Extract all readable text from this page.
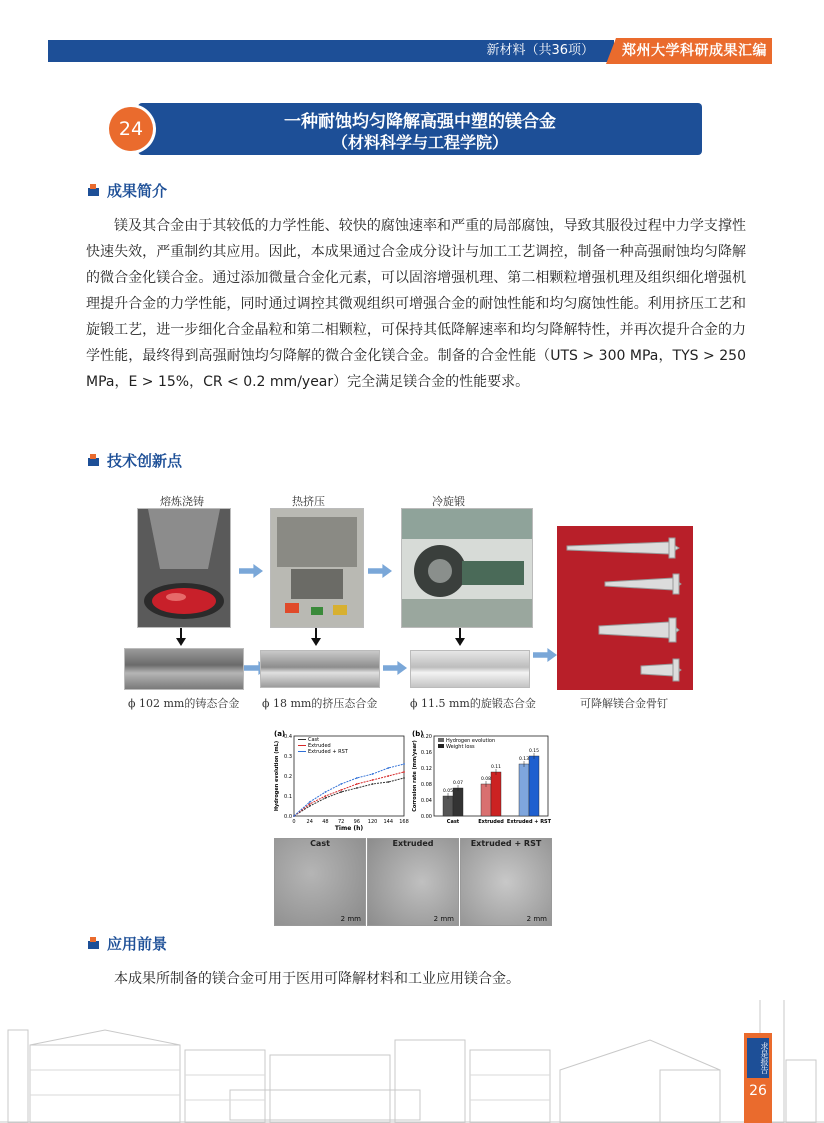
新材料（共36项） 郑州大学科研成果汇编
一种耐蚀均匀降解高强中塑的镁合金
（材料科学与工程学院）
24
成果简介

镁及其合金由于其较低的力学性能、较快的腐蚀速率和严重的局部腐蚀，导致其服役过程中力学支撑性快速失效，严重制约其应用。因此，本成果通过合金成分设计与加工工艺调控，制备一种高强耐蚀均匀降解的微合金化镁合金。通过添加微量合金化元素，可以固溶增强机理、第二相颗粒增强机理及组织细化增强机理提升合金的力学性能，同时通过调控其微观组织可增强合金的耐蚀性能和均匀腐蚀性能。利用挤压工艺和旋锻工艺，进一步细化合金晶粒和第二相颗粒，可保持其低降解速率和均匀降解特性，并再次提升合金的力学性能，最终得到高强耐蚀均匀降解的微合金化镁合金。制备的合金性能（UTS > 300 MPa，TYS > 250 MPa，E > 15%，CR < 0.2 mm/year）完全满足镁合金的性能要求。

技术创新点
熔炼浇铸	热挤压	冷旋锻
ϕ 102 mm的铸态合金 ϕ 18 mm的挤压态合金	ϕ 11.5 mm的旋锻态合金	可降解镁合金骨钉
(a)
0.0
0.1
0.2
0.3
0.4
0 24 48 72 96 120 144 168
Time (h)
Hydrogen evolution (mL)
Cast
Extruded
Extruded + RST
(b)
0.00
0.04
0.08
0.12
0.16
0.20
Corrosion rate (mm/year)	0.05
0.07
Cast
0.08
0.11
Extruded
0.13
0.15
Extruded + RST
Hydrogen evolution
Weight loss
Cast
2 mm
Extruded
2 mm
Extruded + RST
2 mm
应用前景

本成果所制备的镁合金可用于医用可降解材料和工业应用镁合金。

求是报告
26
